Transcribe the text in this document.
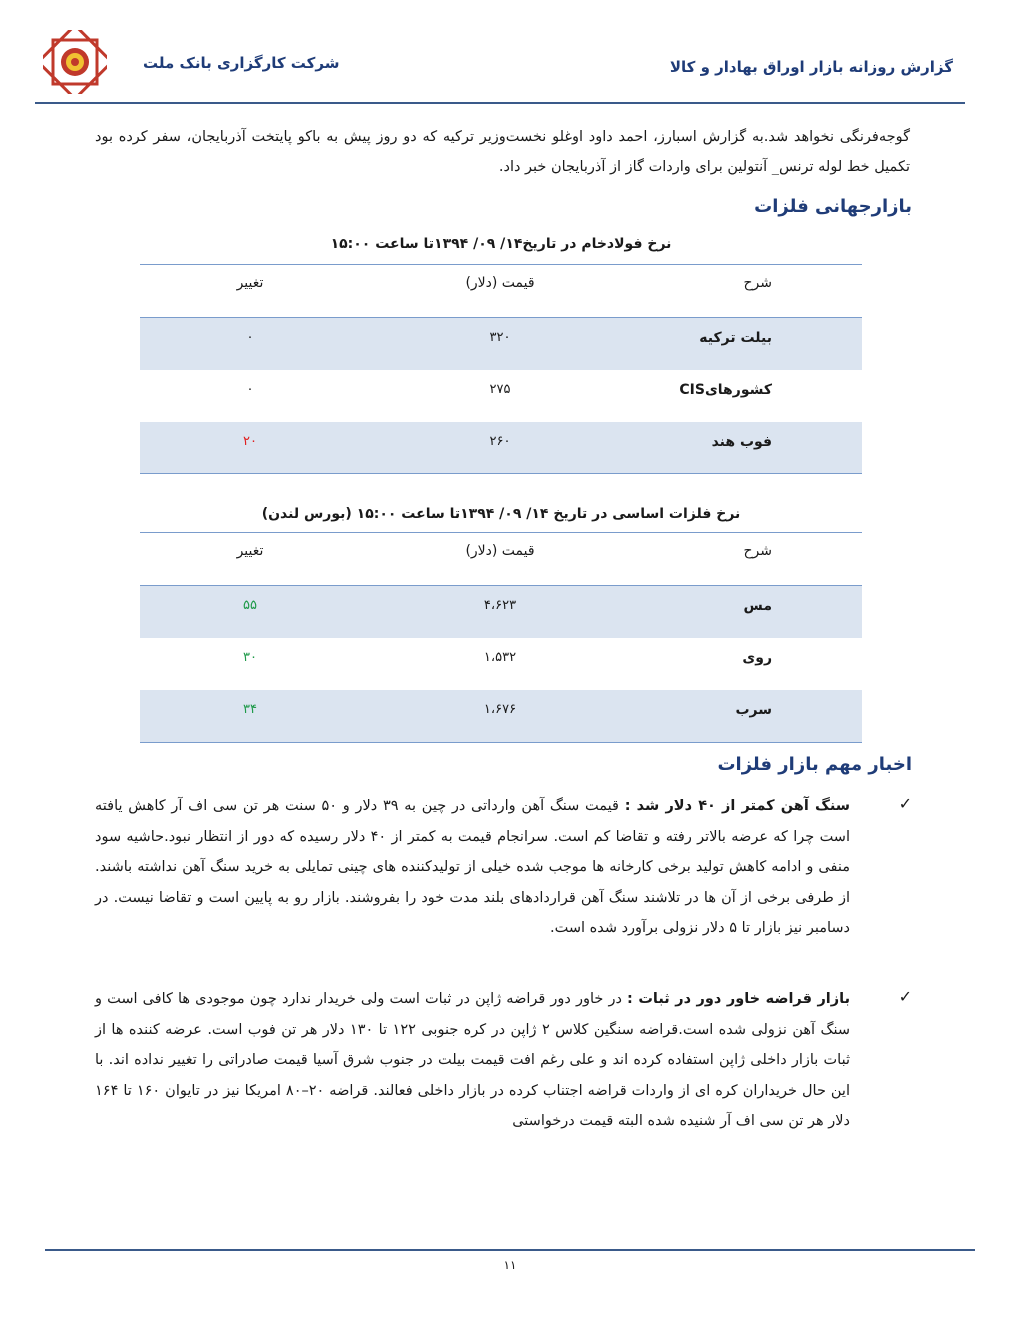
شرکت کارگزاری بانک ملت	گزارش روزانه بازار اوراق بهادار و کالا
گوجه‌فرنگی نخواهد شد.به گزارش اسبارز، احمد داود اوغلو نخست‌وزیر ترکیه که دو روز پیش به باکو پایتخت آذربایجان، سفر کرده بود تکمیل خط لوله ترنس_ آنتولین برای واردات گاز از آذربایجان خبر داد.
بازارجهانی فلزات
نرخ فولادخام در تاریخ۱۴/ ۰۹/ ۱۳۹۴تا ساعت ۱۵:۰۰
شرح
قیمت (دلار)
تغییر
بیلت ترکیه
۳۲۰
۰
کشورهایCIS
۲۷۵
۰
فوب هند
۲۶۰
۲۰
نرخ فلزات اساسی در تاریخ ۱۴/ ۰۹/ ۱۳۹۴تا ساعت ۱۵:۰۰ (بورس لندن)
شرح
قیمت (دلار)
تغییر
مس
۴،۶۲۳
۵۵
روی
۱،۵۳۲
۳۰
سرب
۱،۶۷۶
۳۴
اخبار مهم بازار فلزات
✓
سنگ آهن کمتر از ۴۰ دلار شد : قیمت سنگ آهن وارداتی در چین به ۳۹ دلار و ۵۰ سنت هر تن سی اف آر کاهش یافته است چرا که عرضه بالاتر رفته و تقاضا کم است. سرانجام قیمت به کمتر از ۴۰ دلار رسیده که دور از انتظار نبود.حاشیه سود منفی و ادامه کاهش تولید برخی کارخانه ها موجب شده خیلی از تولیدکننده های چینی تمایلی به خرید سنگ آهن نداشته باشند. از طرفی برخی از آن ها در تلاشند سنگ آهن قراردادهای بلند مدت خود را بفروشند. بازار رو به پایین است و تقاضا نیست. در دسامبر نیز بازار تا ۵ دلار نزولی برآورد شده است.
✓
بازار قراضه خاور دور در ثبات : در خاور دور قراضه ژاپن در ثبات است ولی خریدار ندارد چون موجودی ها کافی است و سنگ آهن نزولی شده است.قراضه سنگین کلاس ۲ ژاپن در کره جنوبی ۱۲۲ تا ۱۳۰ دلار هر تن فوب است. عرضه کننده ها از ثبات بازار داخلی ژاپن استفاده کرده اند و علی رغم افت قیمت بیلت در جنوب شرق آسیا قیمت صادراتی را تغییر نداده اند. با این حال خریداران کره ای از واردات قراضه اجتناب کرده در بازار داخلی فعالند. قراضه ۲۰–۸۰ امریکا نیز در تایوان ۱۶۰ تا ۱۶۴ دلار هر تن سی اف آر شنیده شده البته قیمت درخواستی
۱۱
